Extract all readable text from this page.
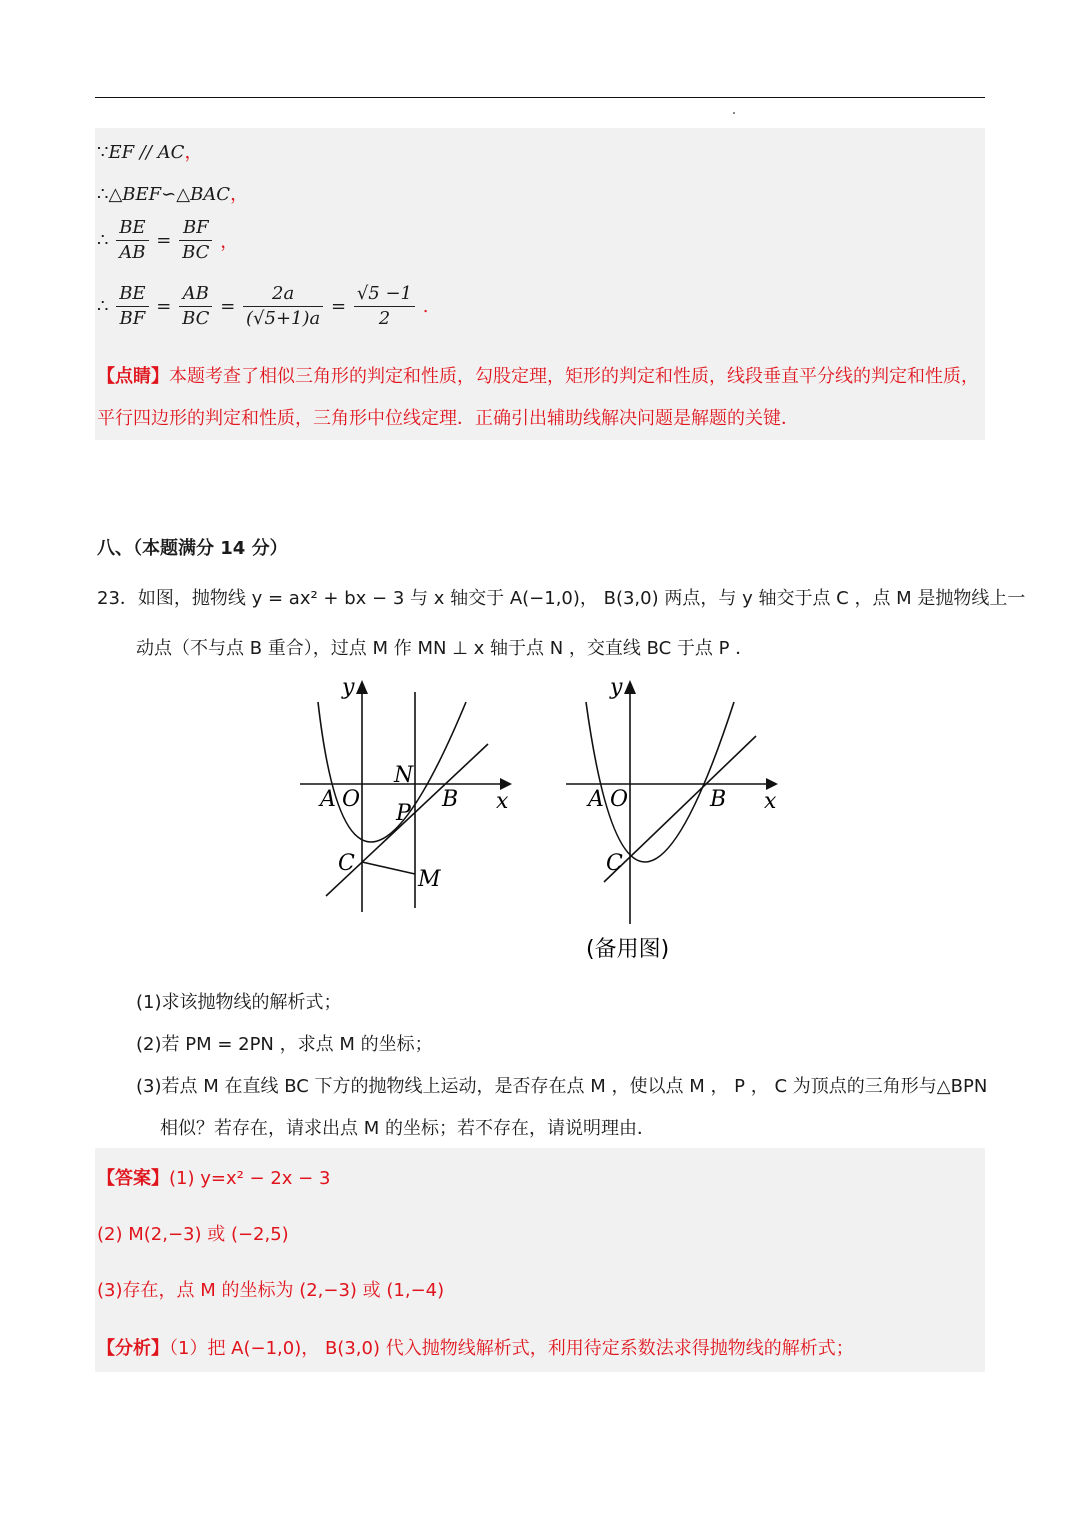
∵EF // AC，
∴△BEF∽△BAC，
∴ $\frac{BE}{AB} = \frac{BF}{BC}$ ，
∴ $\frac{BE}{BF} = \frac{AB}{BC} = \frac{2a}{(√5+1)a} = \frac{√5 -1}{2}$ .
【点睛】本题考查了相似三角形的判定和性质，勾股定理，矩形的判定和性质，线段垂直平分线的判定和性质，平行四边形的判定和性质，三角形中位线定理．正确引出辅助线解决问题是解题的关键．
八、（本题满分 14 分）
23．如图，抛物线 y = ax² + bx − 3 与 x 轴交于 A(−1,0)， B(3,0) 两点，与 y 轴交于点 C ，点 M 是抛物线上一
动点（不与点 B 重合），过点 M 作 MN ⊥ x 轴于点 N ，交直线 BC 于点 P ．
y
x
A O	B
N
P
C
M
y
x
A O	B
C
(备用图)
(1)求该抛物线的解析式；
(2)若 PM = 2PN ，求点 M 的坐标；
(3)若点 M 在直线 BC 下方的抛物线上运动，是否存在点 M ，使以点 M ， P ， C 为顶点的三角形与△BPN
相似？若存在，请求出点 M 的坐标；若不存在，请说明理由．
【答案】(1) y=x² − 2x − 3
(2) M(2,−3) 或 (−2,5)
(3)存在，点 M 的坐标为 (2,−3) 或 (1,−4)
【分析】（1）把 A(−1,0)， B(3,0) 代入抛物线解析式，利用待定系数法求得抛物线的解析式；
